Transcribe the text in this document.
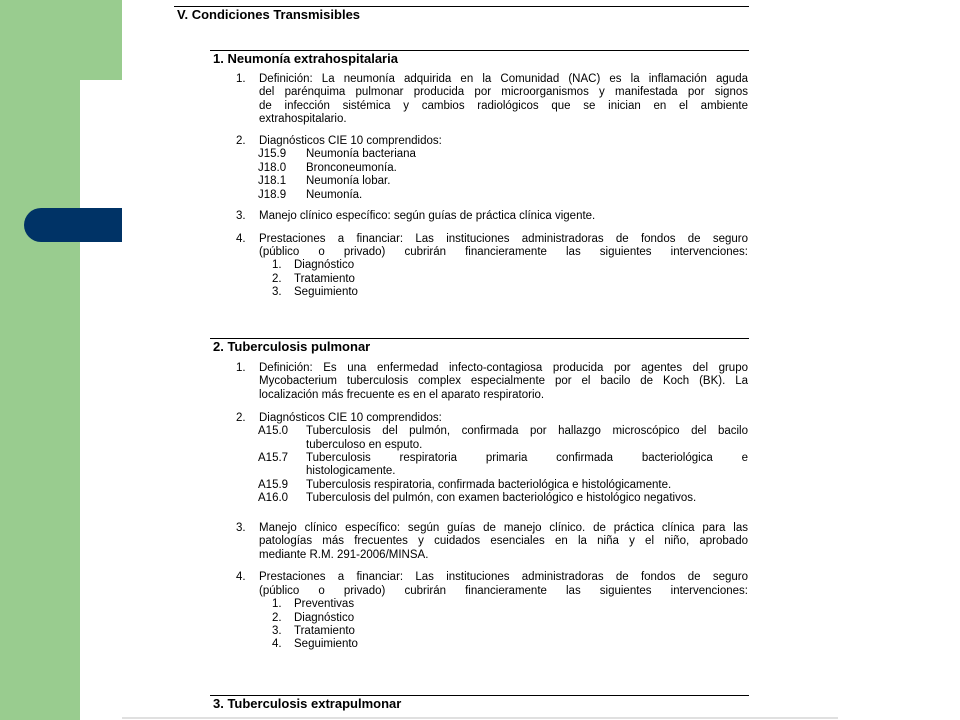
V. Condiciones Transmisibles
1. Neumonía extrahospitalaria
1. Definición: La neumonía adquirida en la Comunidad (NAC) es la inflamación aguda
del parénquima pulmonar producida por microorganismos y manifestada por signos
de infección sistémica y cambios radiológicos que se inician en el ambiente
extrahospitalario.
2. Diagnósticos CIE 10 comprendidos:
J15.9 Neumonía bacteriana
J18.0 Bronconeumonía.
J18.1 Neumonía lobar.
J18.9 Neumonía.
3. Manejo clínico específico: según guías de práctica clínica vigente.
4. Prestaciones a financiar: Las instituciones administradoras de fondos de seguro
(público o privado) cubrirán financieramente las siguientes intervenciones:
1. Diagnóstico
2. Tratamiento
3. Seguimiento
2. Tuberculosis pulmonar
1. Definición: Es una enfermedad infecto-contagiosa producida por agentes del grupo
Mycobacterium tuberculosis complex especialmente por el bacilo de Koch (BK). La
localización más frecuente es en el aparato respiratorio.
2. Diagnósticos CIE 10 comprendidos:
A15.0 Tuberculosis del pulmón, confirmada por hallazgo microscópico del bacilo
tuberculoso en esputo.
A15.7 Tuberculosis respiratoria primaria confirmada bacteriológica e
histologicamente.
A15.9 Tuberculosis respiratoria, confirmada bacteriológica e histológicamente.
A16.0 Tuberculosis del pulmón, con examen bacteriológico e histológico negativos.
3. Manejo clínico específico: según guías de manejo clínico. de práctica clínica para las
patologías más frecuentes y cuidados esenciales en la niña y el niño, aprobado
mediante R.M. 291-2006/MINSA.
4. Prestaciones a financiar: Las instituciones administradoras de fondos de seguro
(público o privado) cubrirán financieramente las siguientes intervenciones:
1. Preventivas
2. Diagnóstico
3. Tratamiento
4. Seguimiento
3. Tuberculosis extrapulmonar
